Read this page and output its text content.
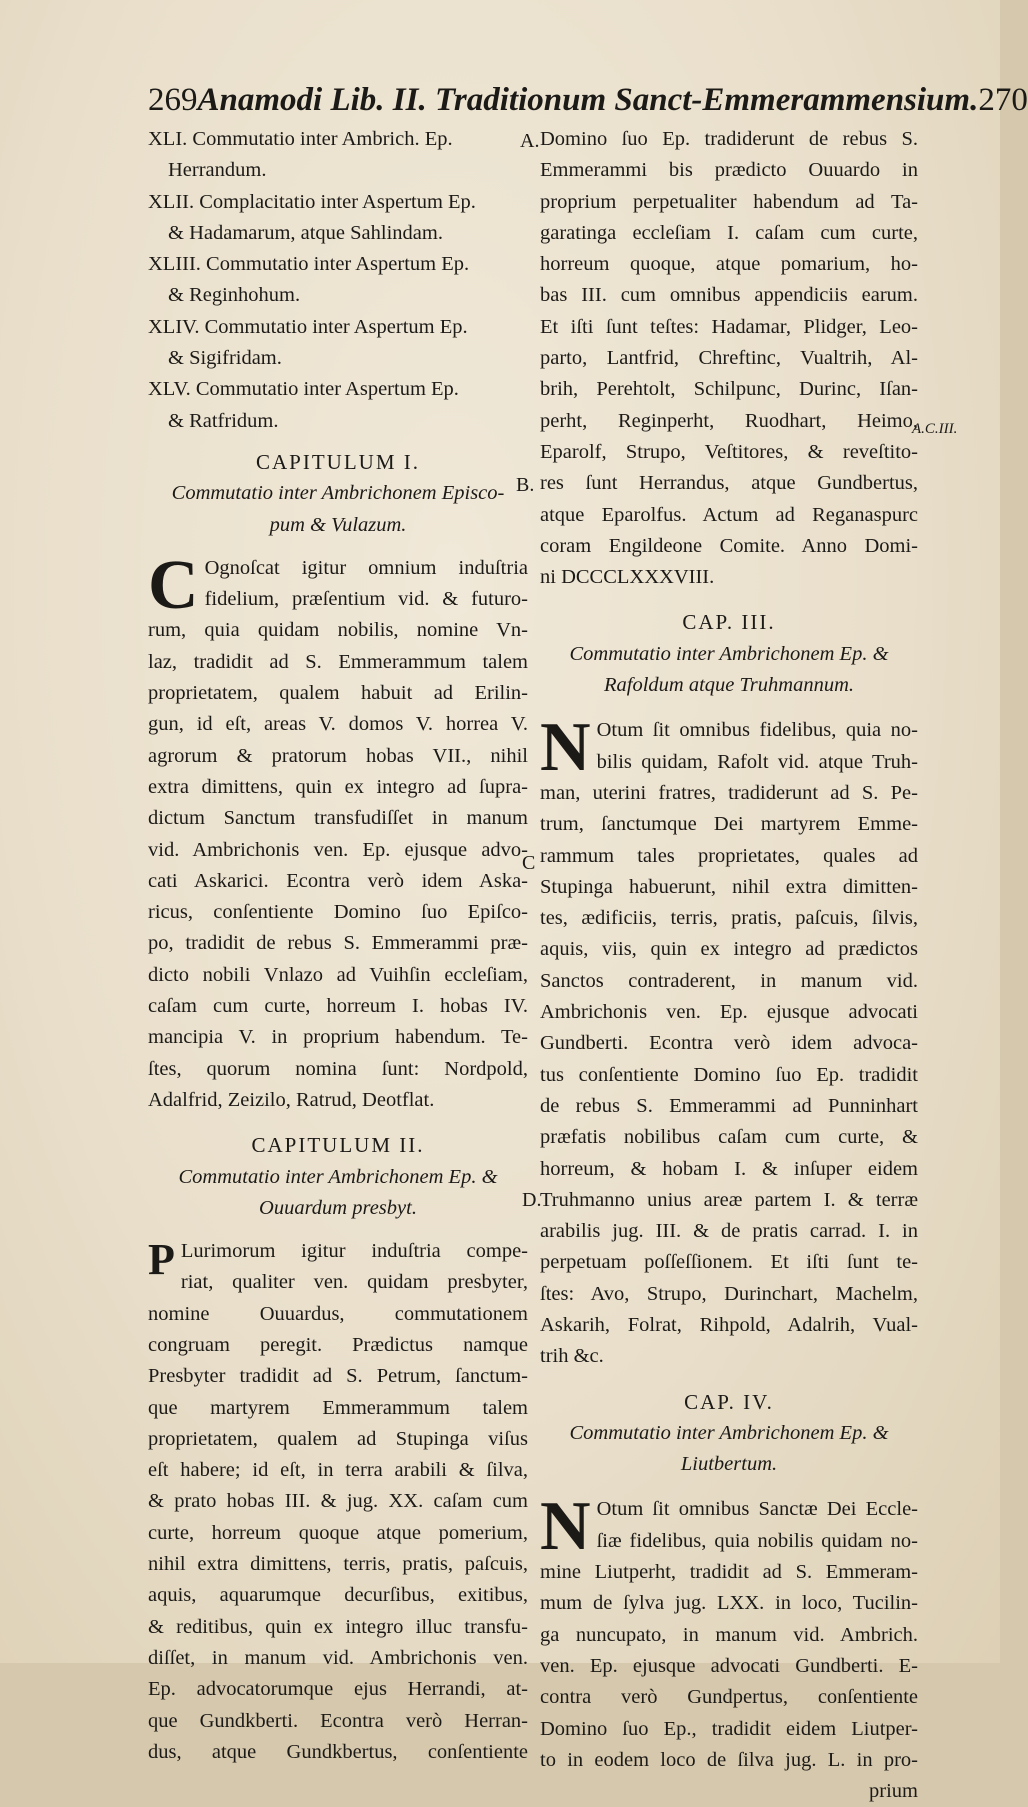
269 Anamodi Lib. II. Traditionum Sanct-Emmerammensium. 270
XLI. Commutatio inter Ambrich. Ep.
Herrandum.
XLII. Complacitatio inter Aspertum Ep.
& Hadamarum, atque Sahlindam.
XLIII. Commutatio inter Aspertum Ep.
& Reginhohum.
XLIV. Commutatio inter Aspertum Ep.
& Sigifridam.
XLV. Commutatio inter Aspertum Ep.
& Ratfridum.
CAPITULUM I.
Commutatio inter Ambrichonem Episco-
pum & Vulazum.
C Ognoſcat igitur omnium induſtria
fidelium, præſentium vid. & futuro-
rum, quia quidam nobilis, nomine Vn-
laz, tradidit ad S. Emmerammum talem
proprietatem, qualem habuit ad Erilin-
gun, id eſt, areas V. domos V. horrea V.
agrorum & pratorum hobas VII., nihil
extra dimittens, quin ex integro ad ſupra-
dictum Sanctum transfudiſſet in manum
vid. Ambrichonis ven. Ep. ejusque advo-
cati Askarici. Econtra verò idem Aska-
ricus, conſentiente Domino ſuo Epiſco-
po, tradidit de rebus S. Emmerammi præ-
dicto nobili Vnlazo ad Vuihſin eccleſiam,
caſam cum curte, horreum I. hobas IV.
mancipia V. in proprium habendum. Te-
ſtes, quorum nomina ſunt: Nordpold,
Adalfrid, Zeizilo, Ratrud, Deotflat.
CAPITULUM II.
Commutatio inter Ambrichonem Ep. &
Ouuardum presbyt.
P Lurimorum igitur induſtria compe-
riat, qualiter ven. quidam presbyter,
nomine Ouuardus, commutationem
congruam peregit. Prædictus namque
Presbyter tradidit ad S. Petrum, ſanctum-
que martyrem Emmerammum talem
proprietatem, qualem ad Stupinga viſus
eſt habere; id eſt, in terra arabili & ſilva,
& prato hobas III. & jug. XX. caſam cum
curte, horreum quoque atque pomerium,
nihil extra dimittens, terris, pratis, paſcuis,
aquis, aquarumque decurſibus, exitibus,
& reditibus, quin ex integro illuc transfu-
diſſet, in manum vid. Ambrichonis ven.
Ep. advocatorumque ejus Herrandi, at-
que Gundkberti. Econtra verò Herran-
dus, atque Gundkbertus, conſentiente
A.
B.
C
D.
A.C.III.
Domino ſuo Ep. tradiderunt de rebus S.
Emmerammi bis prædicto Ouuardo in
proprium perpetualiter habendum ad Ta-
garatinga eccleſiam I. caſam cum curte,
horreum quoque, atque pomarium, ho-
bas III. cum omnibus appendiciis earum.
Et iſti ſunt teſtes: Hadamar, Plidger, Leo-
parto, Lantfrid, Chreftinc, Vualtrih, Al-
brih, Perehtolt, Schilpunc, Durinc, Iſan-
perht, Reginperht, Ruodhart, Heimo,
Eparolf, Strupo, Veſtitores, & reveſtito-
res ſunt Herrandus, atque Gundbertus,
atque Eparolfus. Actum ad Reganaspurc
coram Engildeone Comite. Anno Domi-
ni DCCCLXXXVIII.
CAP. III.
Commutatio inter Ambrichonem Ep. &
Rafoldum atque Truhmannum.
N Otum ſit omnibus fidelibus, quia no-
bilis quidam, Rafolt vid. atque Truh-
man, uterini fratres, tradiderunt ad S. Pe-
trum, ſanctumque Dei martyrem Emme-
rammum tales proprietates, quales ad
Stupinga habuerunt, nihil extra dimitten-
tes, ædificiis, terris, pratis, paſcuis, ſilvis,
aquis, viis, quin ex integro ad prædictos
Sanctos contraderent, in manum vid.
Ambrichonis ven. Ep. ejusque advocati
Gundberti. Econtra verò idem advoca-
tus conſentiente Domino ſuo Ep. tradidit
de rebus S. Emmerammi ad Punninhart
præfatis nobilibus caſam cum curte, &
horreum, & hobam I. & inſuper eidem
Truhmanno unius areæ partem I. & terræ
arabilis jug. III. & de pratis carrad. I. in
perpetuam poſſeſſionem. Et iſti ſunt te-
ſtes: Avo, Strupo, Durinchart, Machelm,
Askarih, Folrat, Rihpold, Adalrih, Vual-
trih &c.
CAP. IV.
Commutatio inter Ambrichonem Ep. &
Liutbertum.
N Otum ſit omnibus Sanctæ Dei Eccle-
ſiæ fidelibus, quia nobilis quidam no-
mine Liutperht, tradidit ad S. Emmeram-
mum de ſylva jug. LXX. in loco, Tucilin-
ga nuncupato, in manum vid. Ambrich.
ven. Ep. ejusque advocati Gundberti. E-
contra verò Gundpertus, conſentiente
Domino ſuo Ep., tradidit eidem Liutper-
to in eodem loco de ſilva jug. L. in pro-
prium
